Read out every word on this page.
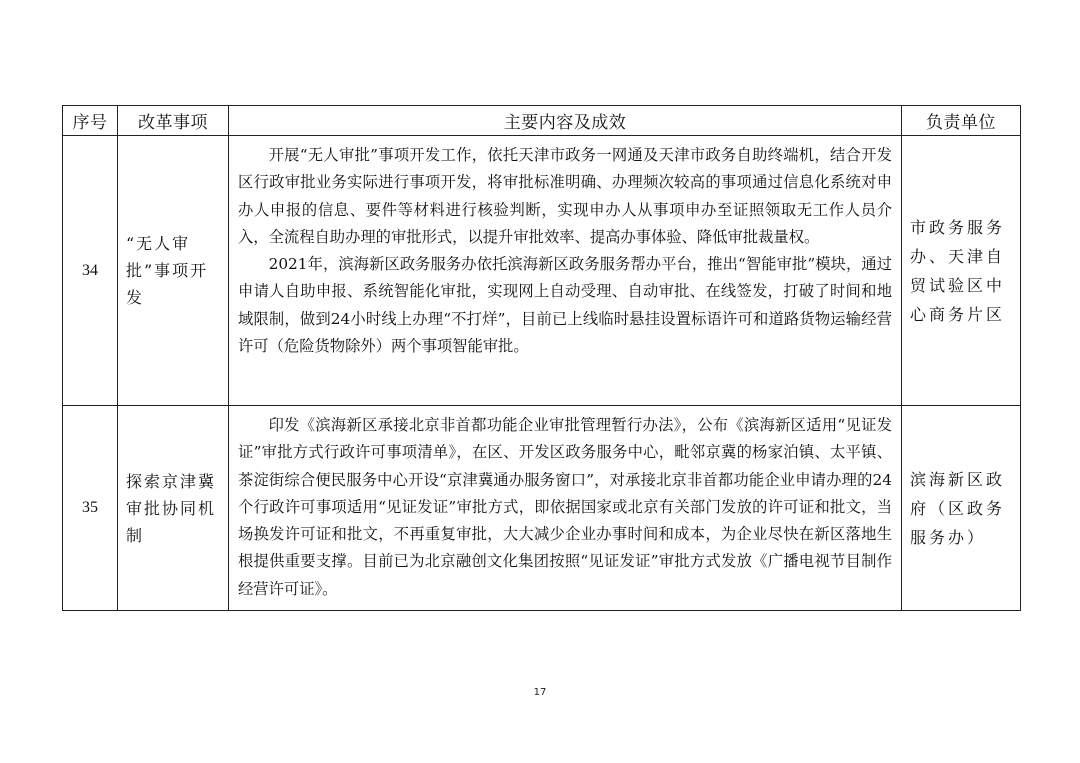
序号	改革事项	主要内容及成效	负责单位
34	“无人审批”事项开发	开展“无人审批”事项开发工作，依托天津市政务一网通及天津市政务自助终端机，结合开发区行政审批业务实际进行事项开发，将审批标准明确、办理频次较高的事项通过信息化系统对申办人申报的信息、要件等材料进行核验判断，实现申办人从事项申办至证照领取无工作人员介入，全流程自助办理的审批形式，以提升审批效率、提高办事体验、降低审批裁量权。

2021年，滨海新区政务服务办依托滨海新区政务服务帮办平台，推出“智能审批”模块，通过申请人自助申报、系统智能化审批，实现网上自动受理、自动审批、在线签发，打破了时间和地域限制，做到24小时线上办理“不打烊”，目前已上线临时悬挂设置标语许可和道路货物运输经营许可（危险货物除外）两个事项智能审批。	市政务服务办、天津自贸试验区中心商务片区
35	探索京津冀审批协同机制	印发《滨海新区承接北京非首都功能企业审批管理暂行办法》，公布《滨海新区适用“见证发证”审批方式行政许可事项清单》，在区、开发区政务服务中心，毗邻京冀的杨家泊镇、太平镇、茶淀街综合便民服务中心开设“京津冀通办服务窗口”，对承接北京非首都功能企业申请办理的24个行政许可事项适用“见证发证”审批方式，即依据国家或北京有关部门发放的许可证和批文，当场换发许可证和批文，不再重复审批，大大减少企业办事时间和成本，为企业尽快在新区落地生根提供重要支撑。目前已为北京融创文化集团按照“见证发证”审批方式发放《广播电视节目制作经营许可证》。	滨海新区政府（区政务服务办）
17
